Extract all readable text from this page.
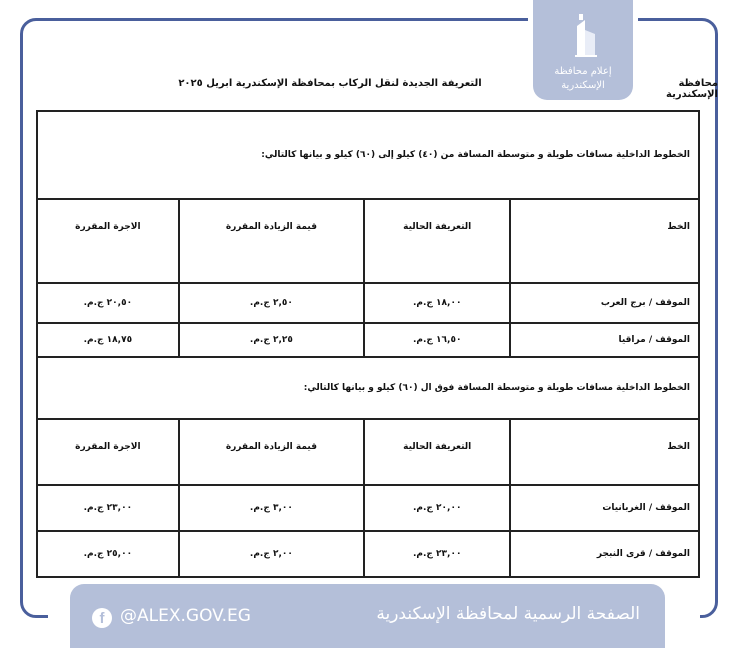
إعلام محافظة
الإسكندرية	محافظة الإسكندرية
التعريفة الجديدة لنقل الركاب بمحافظة الإسكندرية ابريل ٢٠٢٥
الخطوط الداخلية مسافات طويلة و متوسطة المسافة من (٤٠) كيلو إلى (٦٠) كيلو و بيانها كالتالي:			
الخط	التعريفة الحالية	قيمة الزيادة المقررة	الاجرة المقررة
الموقف / برج العرب	١٨,٠٠ ج.م.	٢,٥٠ ج.م.	٢٠,٥٠ ج.م.
الموقف / مراقيا	١٦,٥٠ ج.م.	٢,٢٥ ج.م.	١٨,٧٥ ج.م.
الخطوط الداخلية مسافات طويلة و متوسطة المسافة فوق ال (٦٠) كيلو و بيانها كالتالي:			
الخط	التعريفة الحالية	قيمة الزيادة المقررة	الاجرة المقررة
الموقف / الغربانيات	٢٠,٠٠ ج.م.	٣,٠٠ ج.م.	٢٣,٠٠ ج.م.
الموقف / قرى النبجر	٢٣,٠٠ ج.م.	٢,٠٠ ج.م.	٢٥,٠٠ ج.م.
f @ALEX.GOV.EG	الصفحة الرسمية لمحافظة الإسكندرية
